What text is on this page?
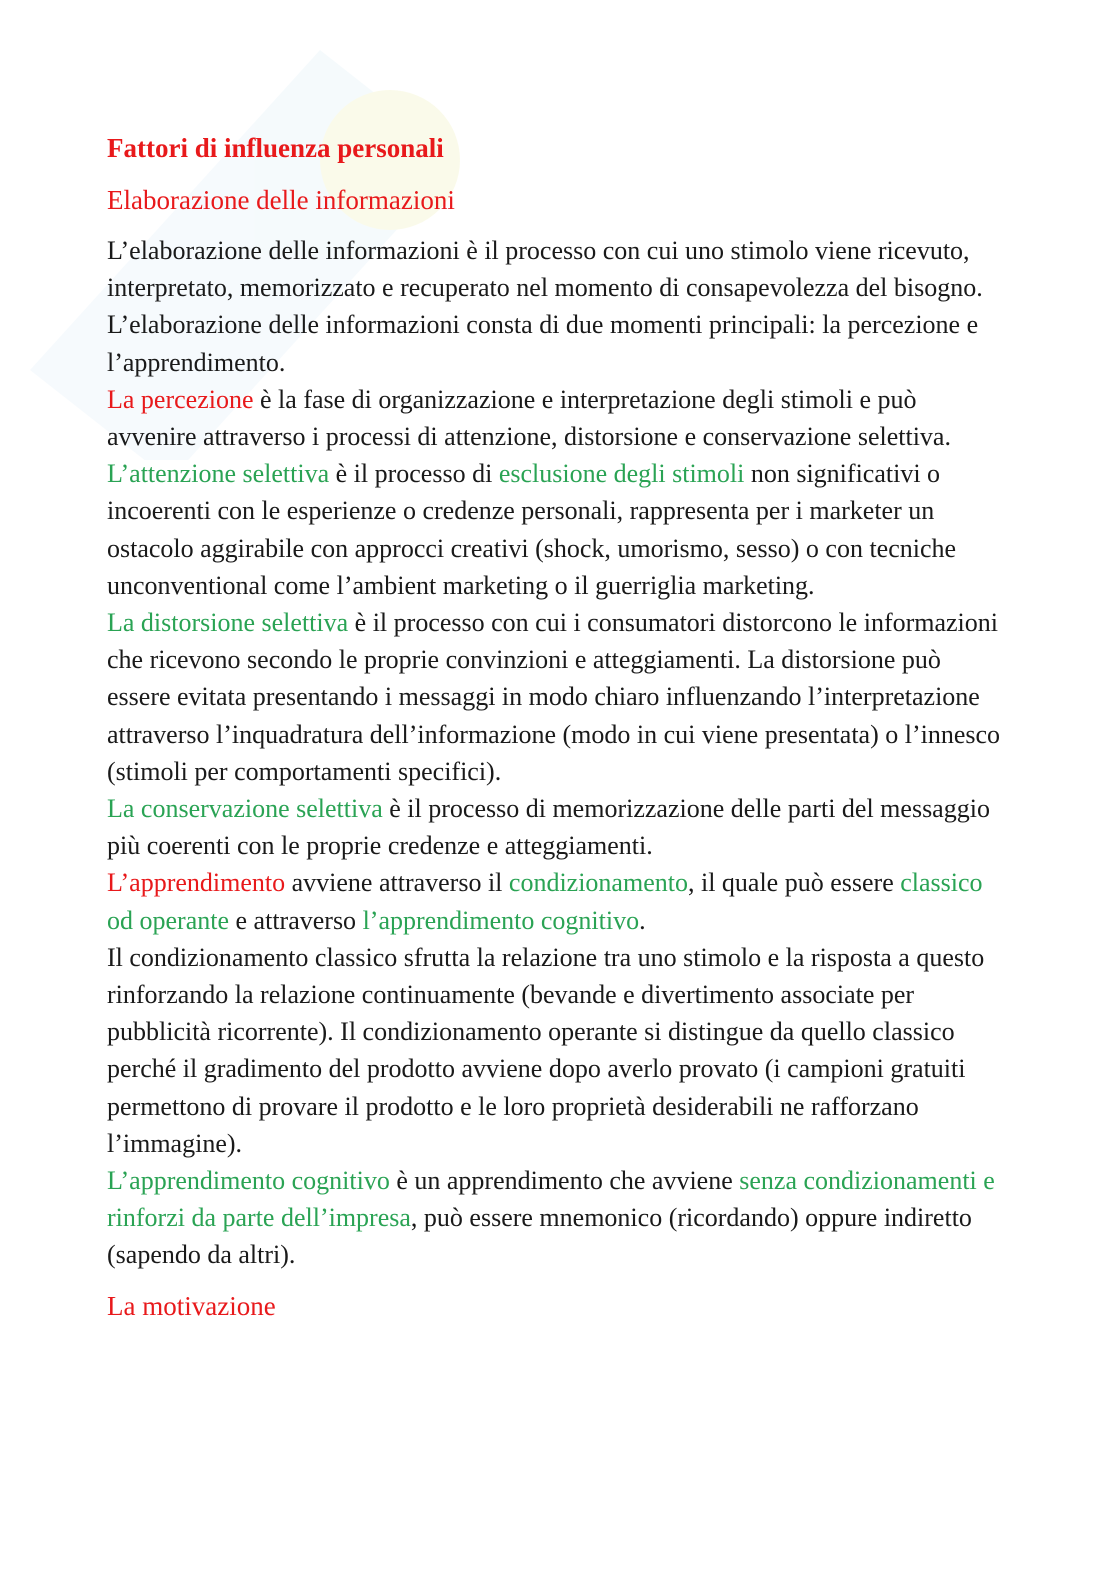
Fattori di influenza personali
Elaborazione delle informazioni

L’elaborazione delle informazioni è il processo con cui uno stimolo viene ricevuto, interpretato, memorizzato e recuperato nel momento di consapevolezza del bisogno. L’elaborazione delle informazioni consta di due momenti principali: la percezione e l’apprendimento.

La percezione è la fase di organizzazione e interpretazione degli stimoli e può avvenire attraverso i processi di attenzione, distorsione e conservazione selettiva.

L’attenzione selettiva è il processo di esclusione degli stimoli non significativi o incoerenti con le esperienze o credenze personali, rappresenta per i marketer un ostacolo aggirabile con approcci creativi (shock, umorismo, sesso) o con tecniche unconventional come l’ambient marketing o il guerriglia marketing.

La distorsione selettiva è il processo con cui i consumatori distorcono le informazioni che ricevono secondo le proprie convinzioni e atteggiamenti. La distorsione può essere evitata presentando i messaggi in modo chiaro influenzando l’interpretazione attraverso l’inquadratura dell’informazione (modo in cui viene presentata) o l’innesco (stimoli per comportamenti specifici).

La conservazione selettiva è il processo di memorizzazione delle parti del messaggio più coerenti con le proprie credenze e atteggiamenti.

L’apprendimento avviene attraverso il condizionamento, il quale può essere classico od operante e attraverso l’apprendimento cognitivo.

Il condizionamento classico sfrutta la relazione tra uno stimolo e la risposta a questo rinforzando la relazione continuamente (bevande e divertimento associate per pubblicità ricorrente). Il condizionamento operante si distingue da quello classico perché il gradimento del prodotto avviene dopo averlo provato (i campioni gratuiti permettono di provare il prodotto e le loro proprietà desiderabili ne rafforzano l’immagine).

L’apprendimento cognitivo è un apprendimento che avviene senza condizionamenti e rinforzi da parte dell’impresa, può essere mnemonico (ricordando) oppure indiretto (sapendo da altri).

La motivazione
